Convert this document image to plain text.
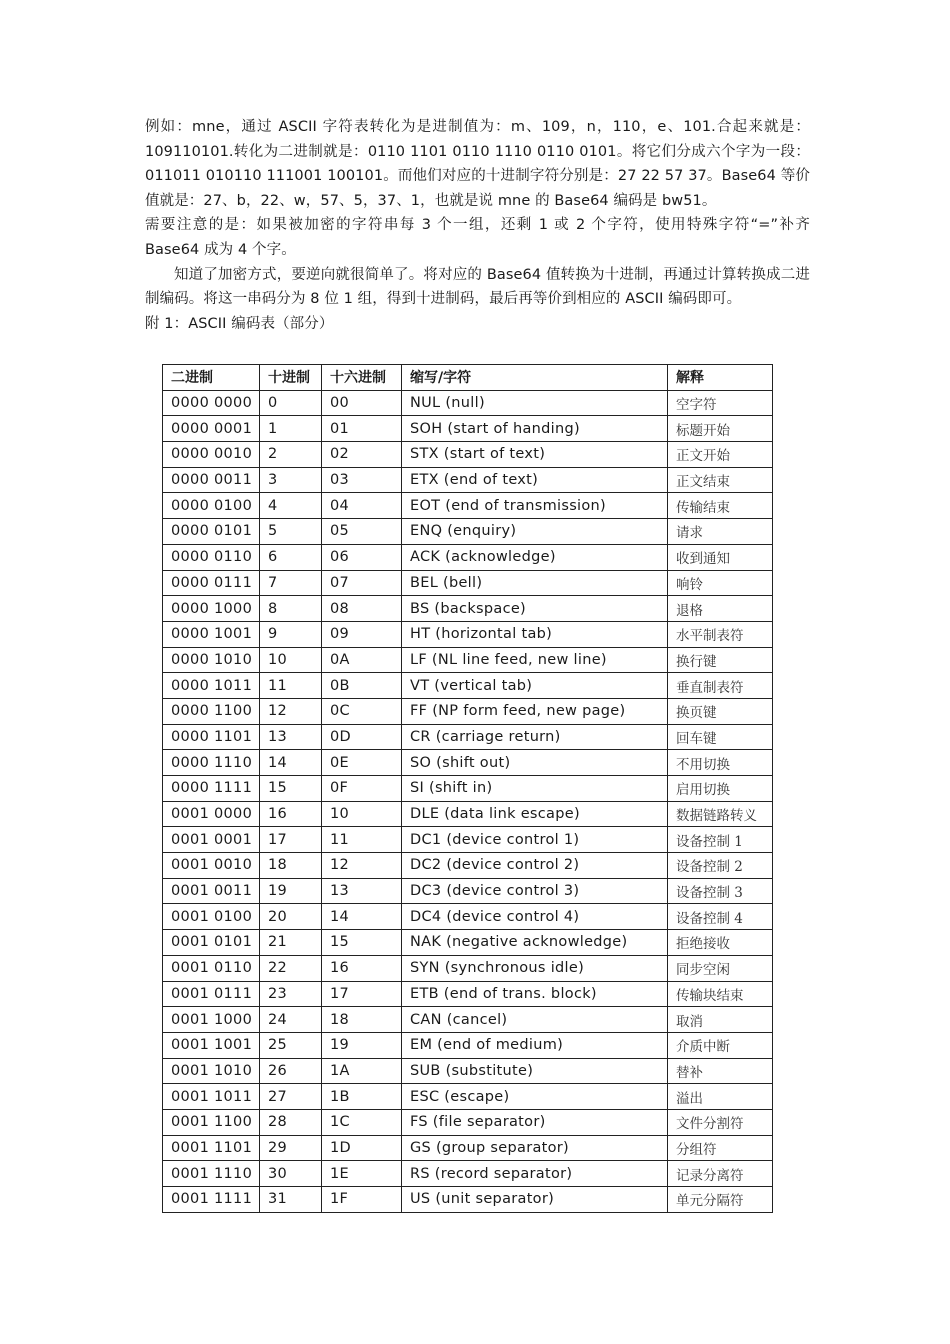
例如：mne，通过 ASCII 字符表转化为是进制值为：m、109，n，110，e、101.合起来就是：109110101.转化为二进制就是：0110 1101 0110 1110 0110 0101。将它们分成六个字为一段：011011 010110 111001 100101。而他们对应的十进制字符分别是：27 22 57 37。Base64 等价值就是：27、b，22、w，57、5，37、1，也就是说 mne 的 Base64 编码是 bw51。

需要注意的是：如果被加密的字符串每 3 个一组，还剩 1 或 2 个字符，使用特殊字符“=”补齐 Base64 成为 4 个字。

知道了加密方式，要逆向就很简单了。将对应的 Base64 值转换为十进制，再通过计算转换成二进制编码。将这一串码分为 8 位 1 组，得到十进制码，最后再等价到相应的 ASCII 编码即可。

附 1：ASCII 编码表（部分）

二进制	十进制	十六进制	缩写/字符	解释
0000 0000	0	00	NUL (null)	空字符
0000 0001	1	01	SOH (start of handing)	标题开始
0000 0010	2	02	STX (start of text)	正文开始
0000 0011	3	03	ETX (end of text)	正文结束
0000 0100	4	04	EOT (end of transmission)	传输结束
0000 0101	5	05	ENQ (enquiry)	请求
0000 0110	6	06	ACK (acknowledge)	收到通知
0000 0111	7	07	BEL (bell)	响铃
0000 1000	8	08	BS (backspace)	退格
0000 1001	9	09	HT (horizontal tab)	水平制表符
0000 1010	10	0A	LF (NL line feed, new line)	换行键
0000 1011	11	0B	VT (vertical tab)	垂直制表符
0000 1100	12	0C	FF (NP form feed, new page)	换页键
0000 1101	13	0D	CR (carriage return)	回车键
0000 1110	14	0E	SO (shift out)	不用切换
0000 1111	15	0F	SI (shift in)	启用切换
0001 0000	16	10	DLE (data link escape)	数据链路转义
0001 0001	17	11	DC1 (device control 1)	设备控制 1
0001 0010	18	12	DC2 (device control 2)	设备控制 2
0001 0011	19	13	DC3 (device control 3)	设备控制 3
0001 0100	20	14	DC4 (device control 4)	设备控制 4
0001 0101	21	15	NAK (negative acknowledge)	拒绝接收
0001 0110	22	16	SYN (synchronous idle)	同步空闲
0001 0111	23	17	ETB (end of trans. block)	传输块结束
0001 1000	24	18	CAN (cancel)	取消
0001 1001	25	19	EM (end of medium)	介质中断
0001 1010	26	1A	SUB (substitute)	替补
0001 1011	27	1B	ESC (escape)	溢出
0001 1100	28	1C	FS (file separator)	文件分割符
0001 1101	29	1D	GS (group separator)	分组符
0001 1110	30	1E	RS (record separator)	记录分离符
0001 1111	31	1F	US (unit separator)	单元分隔符
